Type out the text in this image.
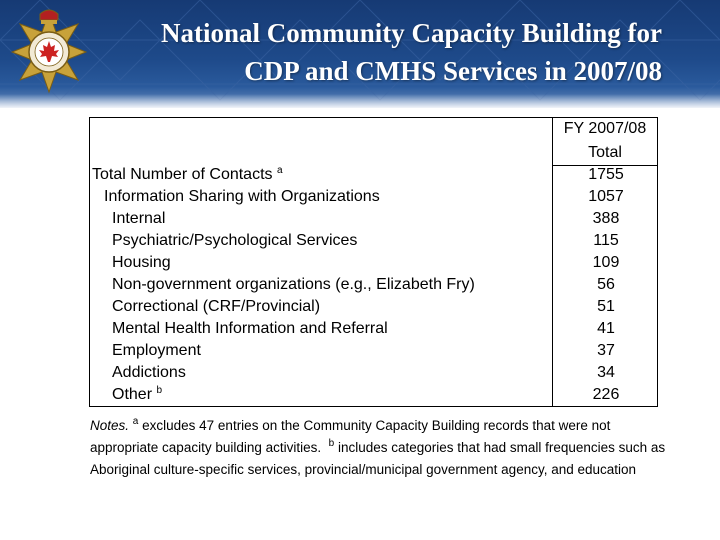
National Community Capacity Building for
CDP and CMHS Services in 2007/08
FY 2007/08
Total
Total Number of Contacts $^a$	1755
Information Sharing with Organizations	1057
Internal	388
Psychiatric/Psychological Services	115
Housing	109
Non-government organizations (e.g., Elizabeth Fry)	56
Correctional (CRF/Provincial)	51
Mental Health Information and Referral	41
Employment	37
Addictions	34
Other $^b$	226
Notes. $^a$ excludes 47 entries on the Community Capacity Building records that were not appropriate capacity building activities. $^b$ includes categories that had small frequencies such as Aboriginal culture-specific services, provincial/municipal government agency, and education
